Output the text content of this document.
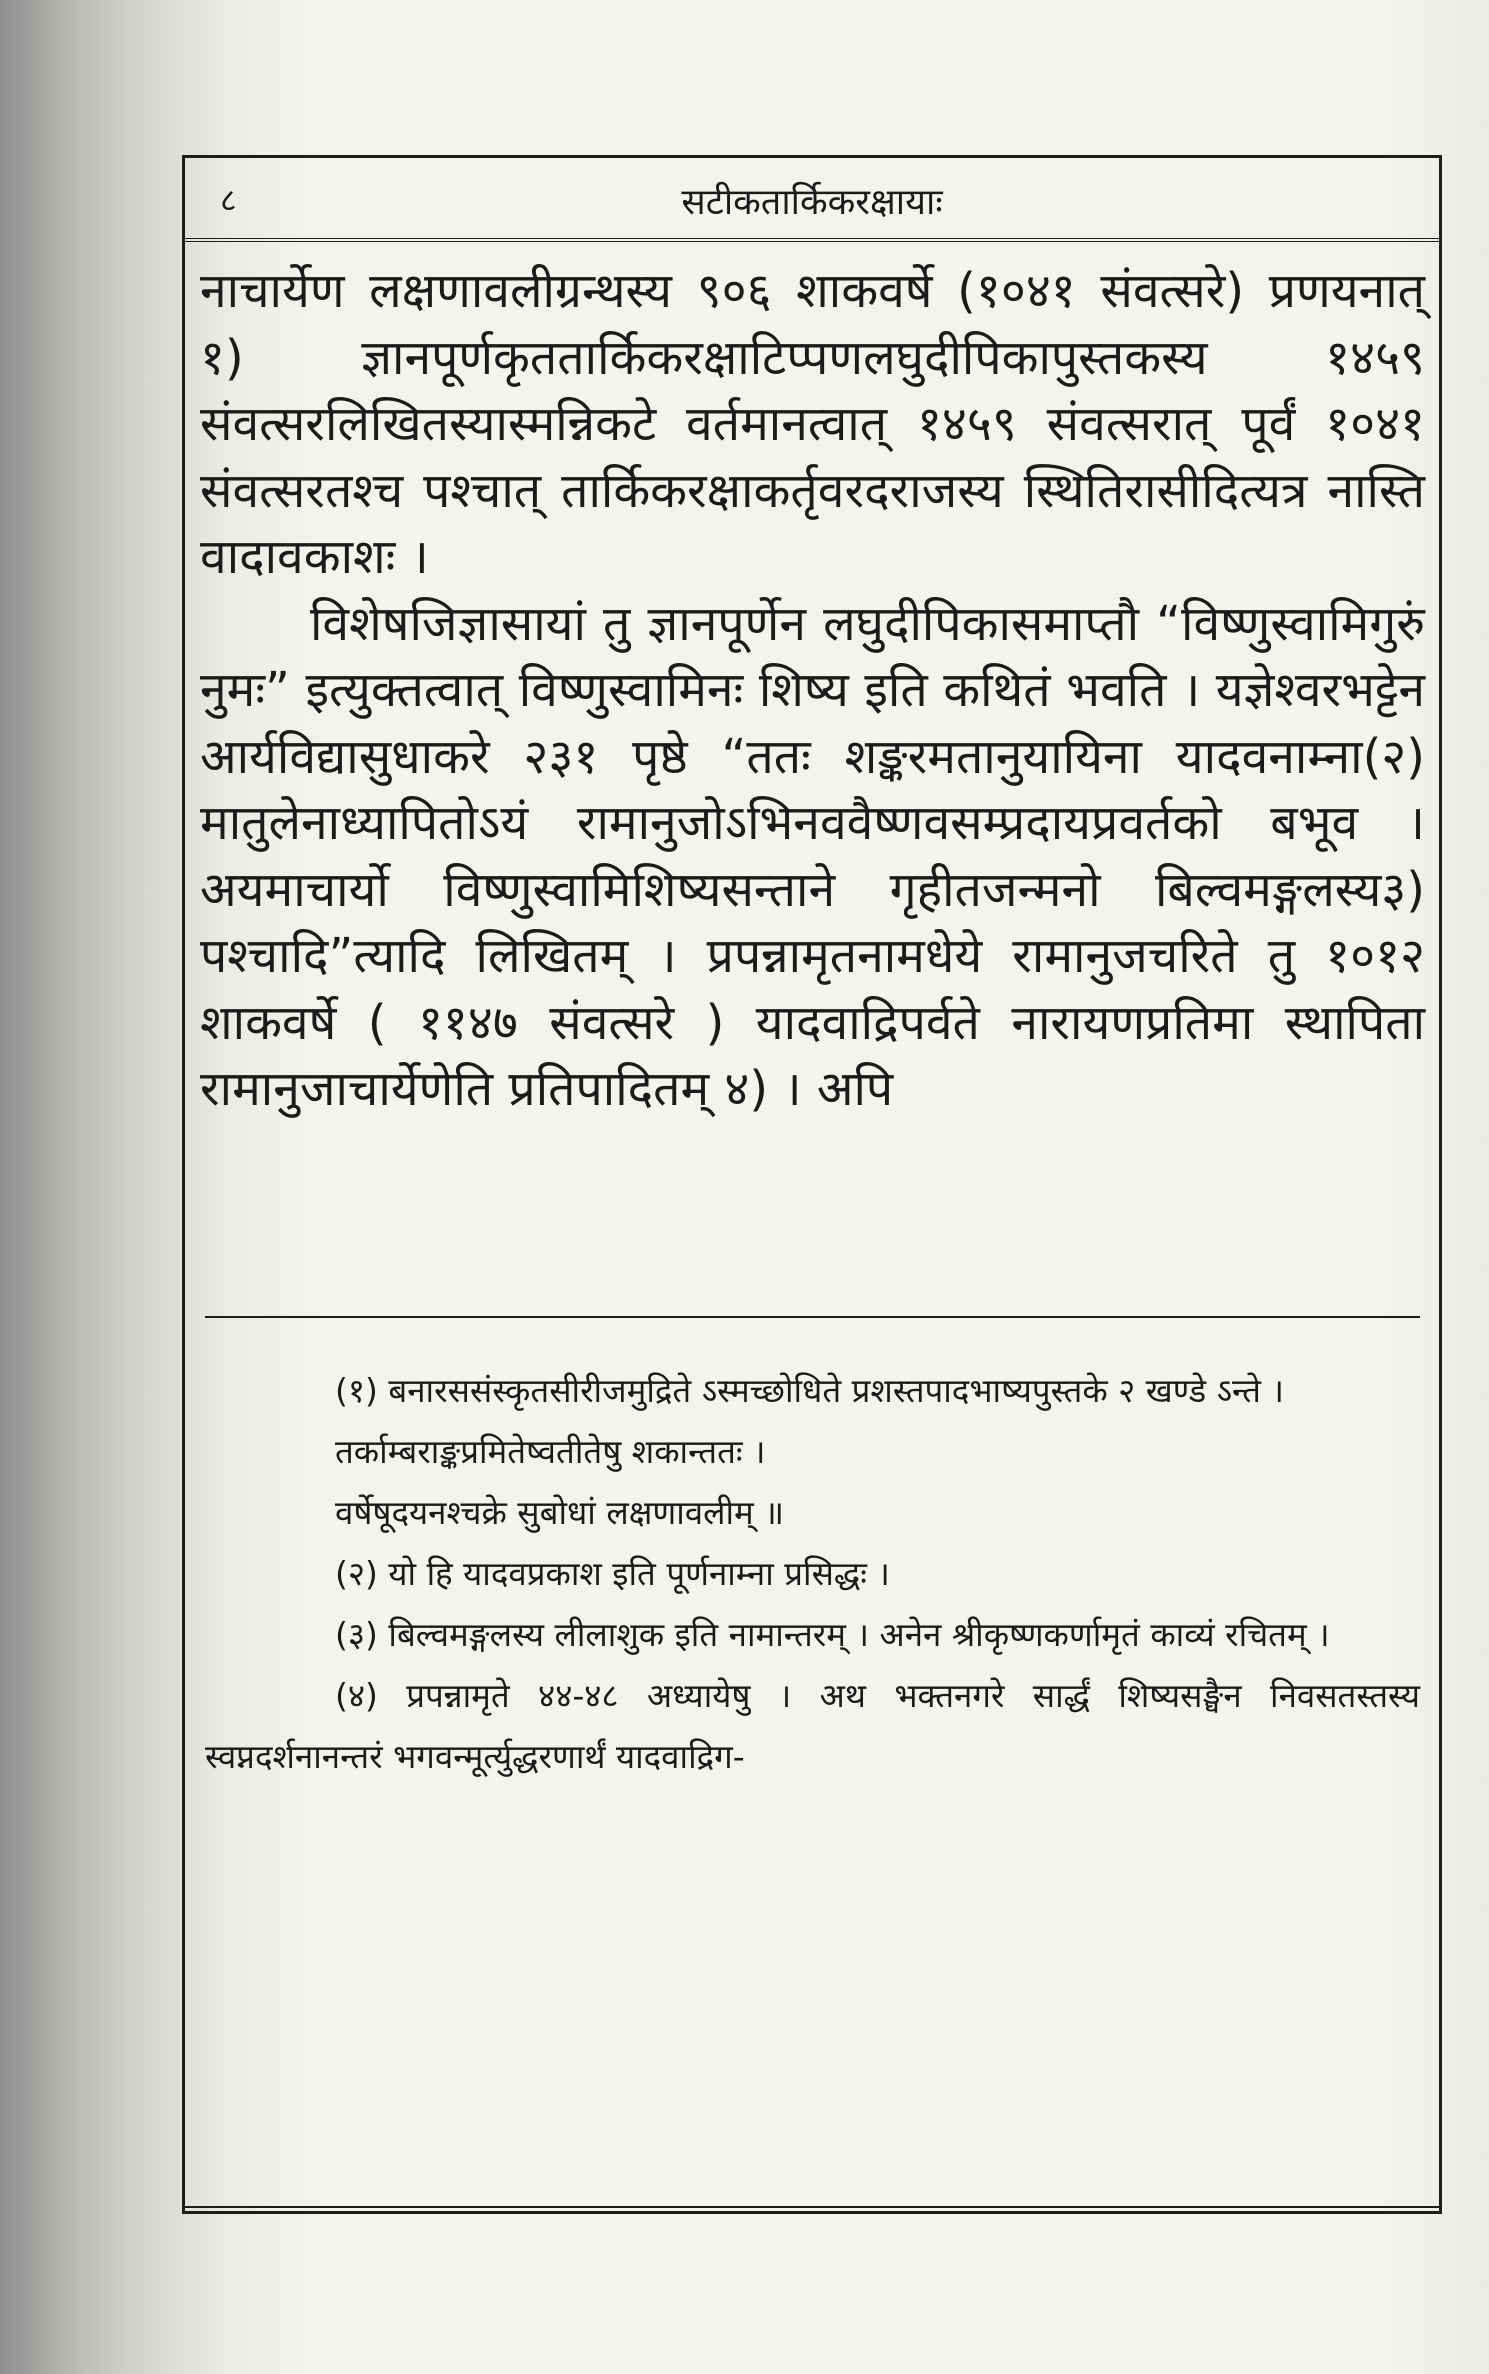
८	सटीकतार्किकरक्षायाः

नाचार्येण लक्षणावलीग्रन्थस्य ९०६ शाकवर्षे (१०४१ संवत्सरे) प्रणयनात् १) ज्ञानपूर्णकृततार्किकरक्षाटिप्पणलघुदीपिकापुस्तकस्य १४५९ संवत्सरलिखितस्यास्मन्निकटे वर्तमानत्वात् १४५९ संवत्सरात् पूर्वं १०४१ संवत्सरतश्च पश्चात् तार्किकरक्षाकर्तृवरदराजस्य स्थितिरासीदित्यत्र नास्ति वादावकाशः ।

विशेषजिज्ञासायां तु ज्ञानपूर्णेन लघुदीपिकासमाप्तौ “विष्णुस्वामिगुरुं नुमः” इत्युक्तत्वात् विष्णुस्वामिनः शिष्य इति कथितं भवति । यज्ञेश्वरभट्टेन आर्यविद्यासुधाकरे २३१ पृष्ठे “ततः शङ्करमतानुयायिना यादवनाम्ना(२) मातुलेनाध्यापितोऽयं रामानुजोऽभिनववैष्णवसम्प्रदायप्रवर्तको बभूव । अयमाचार्यो विष्णुस्वामिशिष्यसन्ताने गृहीतजन्मनो बिल्वमङ्गलस्य३) पश्चादि”त्यादि लिखितम् । प्रपन्नामृतनामधेये रामानुजचरिते तु १०१२ शाकवर्षे ( ११४७ संवत्सरे ) यादवाद्रिपर्वते नारायणप्रतिमा स्थापिता रामानुजाचार्येणेति प्रतिपादितम् ४) । अपि

(१) बनारससंस्कृतसीरीजमुद्रिते ऽस्मच्छोधिते प्रशस्तपादभाष्यपुस्तके २ खण्डे ऽन्ते ।

तर्काम्बराङ्कप्रमितेष्वतीतेषु शकान्ततः ।

वर्षेषूदयनश्चक्रे सुबोधां लक्षणावलीम् ॥

(२) यो हि यादवप्रकाश इति पूर्णनाम्ना प्रसिद्धः ।

(३) बिल्वमङ्गलस्य लीलाशुक इति नामान्तरम् । अनेन श्रीकृष्णकर्णामृतं काव्यं रचितम् ।

(४) प्रपन्नामृते ४४-४८ अध्यायेषु । अथ भक्तनगरे सार्द्धं शिष्यसङ्घैन निवसतस्तस्य स्वप्नदर्शनानन्तरं भगवन्मूर्त्युद्धरणार्थं यादवाद्रिग-
